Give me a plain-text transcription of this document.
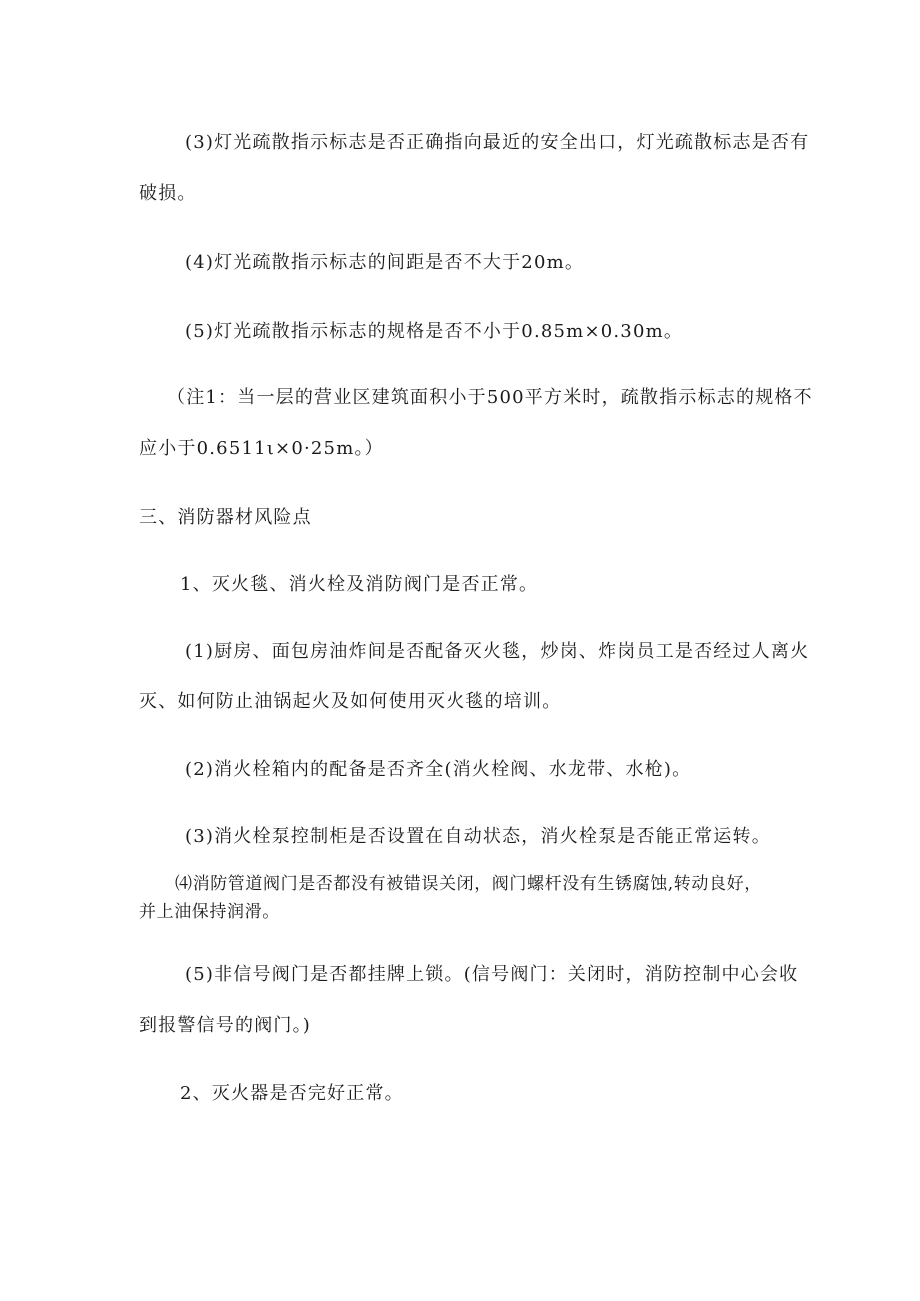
(3)灯光疏散指示标志是否正确指向最近的安全出口，灯光疏散标志是否有
破损。
(4)灯光疏散指示标志的间距是否不大于20m。
(5)灯光疏散指示标志的规格是否不小于0.85m×0.30m。
（注1：当一层的营业区建筑面积小于500平方米时，疏散指示标志的规格不
应小于0.6511ι×0·25m。）
三、消防器材风险点
1、灭火毯、消火栓及消防阀门是否正常。
(1)厨房、面包房油炸间是否配备灭火毯，炒岗、炸岗员工是否经过人离火
灭、如何防止油锅起火及如何使用灭火毯的培训。
(2)消火栓箱内的配备是否齐全(消火栓阀、水龙带、水枪)。
(3)消火栓泵控制柜是否设置在自动状态，消火栓泵是否能正常运转。
⑷消防管道阀门是否都没有被错误关闭，阀门螺杆没有生锈腐蚀,转动良好，
并上油保持润滑。
(5)非信号阀门是否都挂牌上锁。(信号阀门：关闭时，消防控制中心会收
到报警信号的阀门。)
2、灭火器是否完好正常。
